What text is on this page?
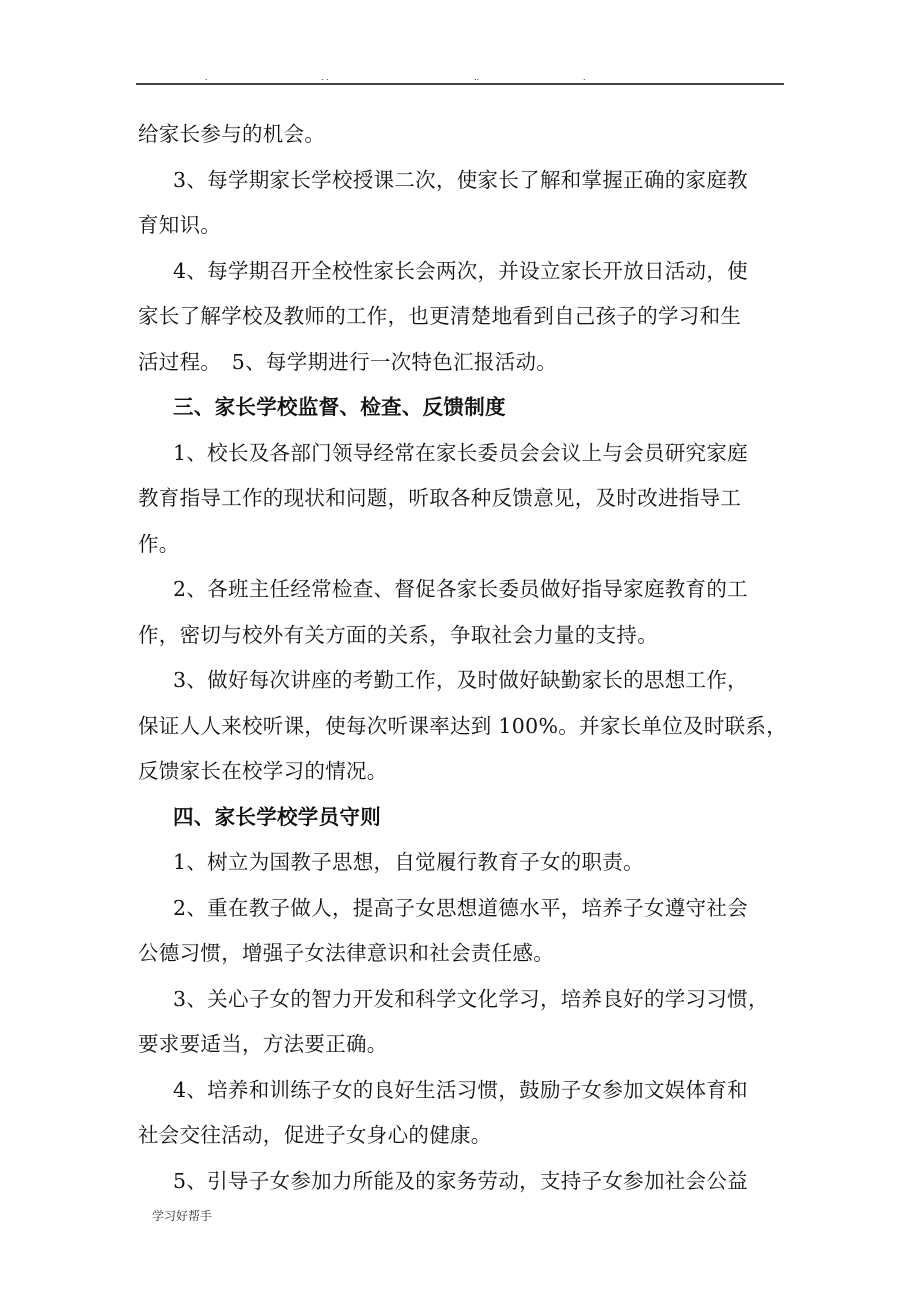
.	. .	..	.
给家长参与的机会。
3、每学期家长学校授课二次，使家长了解和掌握正确的家庭教
育知识。
4、每学期召开全校性家长会两次，并设立家长开放日活动，使
家长了解学校及教师的工作，也更清楚地看到自己孩子的学习和生
活过程。　5、每学期进行一次特色汇报活动。
三、家长学校监督、检查、反馈制度
1、校长及各部门领导经常在家长委员会会议上与会员研究家庭
教育指导工作的现状和问题，听取各种反馈意见，及时改进指导工
作。
2、各班主任经常检查、督促各家长委员做好指导家庭教育的工
作，密切与校外有关方面的关系，争取社会力量的支持。
3、做好每次讲座的考勤工作，及时做好缺勤家长的思想工作，
保证人人来校听课，使每次听课率达到 100%。并家长单位及时联系，
反馈家长在校学习的情况。
四、家长学校学员守则
1、树立为国教子思想，自觉履行教育子女的职责。
2、重在教子做人，提高子女思想道德水平，培养子女遵守社会
公德习惯，增强子女法律意识和社会责任感。
3、关心子女的智力开发和科学文化学习，培养良好的学习习惯，
要求要适当，方法要正确。
4、培养和训练子女的良好生活习惯，鼓励子女参加文娱体育和
社会交往活动，促进子女身心的健康。
5、引导子女参加力所能及的家务劳动，支持子女参加社会公益
学习好帮手
